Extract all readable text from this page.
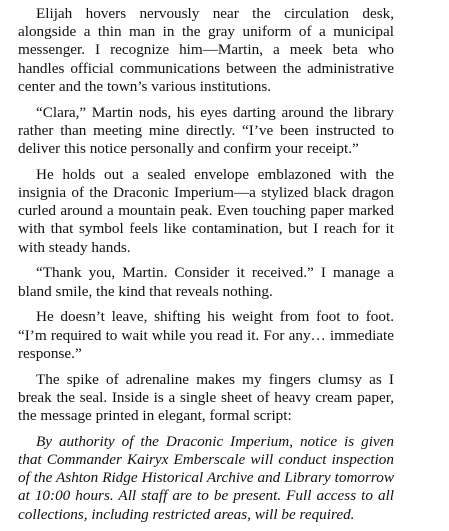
Elijah hovers nervously near the circulation desk, alongside a thin man in the gray uniform of a municipal messenger. I recognize him—Martin, a meek beta who handles official communications between the administrative center and the town’s various institutions.

“Clara,” Martin nods, his eyes darting around the library rather than meeting mine directly. “I’ve been instructed to deliver this notice personally and confirm your receipt.”

He holds out a sealed envelope emblazoned with the insignia of the Draconic Imperium—a stylized black dragon curled around a mountain peak. Even touching paper marked with that symbol feels like contamination, but I reach for it with steady hands.

“Thank you, Martin. Consider it received.” I manage a bland smile, the kind that reveals nothing.

He doesn’t leave, shifting his weight from foot to foot. “I’m required to wait while you read it. For any… immediate response.”

The spike of adrenaline makes my fingers clumsy as I break the seal. Inside is a single sheet of heavy cream paper, the message printed in elegant, formal script:

By authority of the Draconic Imperium, notice is given that Commander Kairyx Emberscale will conduct inspection of the Ashton Ridge Historical Archive and Library tomorrow at 10:00 hours. All staff are to be present. Full access to all collections, including restricted areas, will be required.
